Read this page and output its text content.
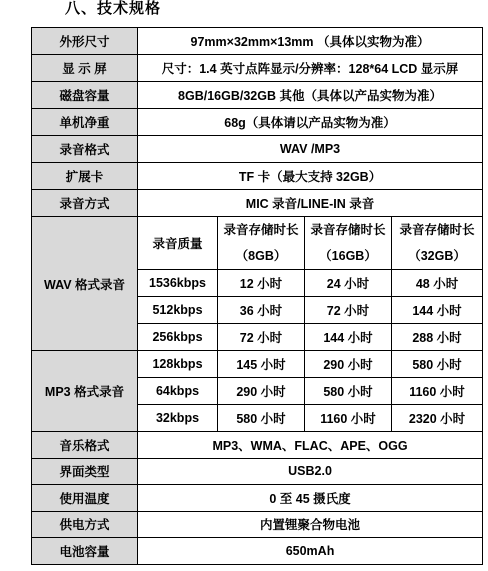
八、技术规格
外形尺寸	97mm×32mm×13mm （具体以实物为准）			
显 示 屏	尺寸：1.4 英寸点阵显示/分辨率：128*64 LCD 显示屏			
磁盘容量	8GB/16GB/32GB 其他（具体以产品实物为准）			
单机净重	68g（具体请以产品实物为准）			
录音格式	WAV /MP3			
扩展卡	TF 卡（最大支持 32GB）			
录音方式	MIC 录音/LINE-IN 录音			
WAV 格式录音	录音质量	录音存储时长（8GB）	录音存储时长（16GB）	录音存储时长（32GB）
	1536kbps	12 小时	24 小时	48 小时
	512kbps	36 小时	72 小时	144 小时
	256kbps	72 小时	144 小时	288 小时
MP3 格式录音	128kbps	145 小时	290 小时	580 小时
	64kbps	290 小时	580 小时	1160 小时
	32kbps	580 小时	1160 小时	2320 小时
音乐格式	MP3、WMA、FLAC、APE、OGG			
界面类型	USB2.0			
使用温度	0 至 45 摄氏度			
供电方式	内置锂聚合物电池			
电池容量	650mAh			
